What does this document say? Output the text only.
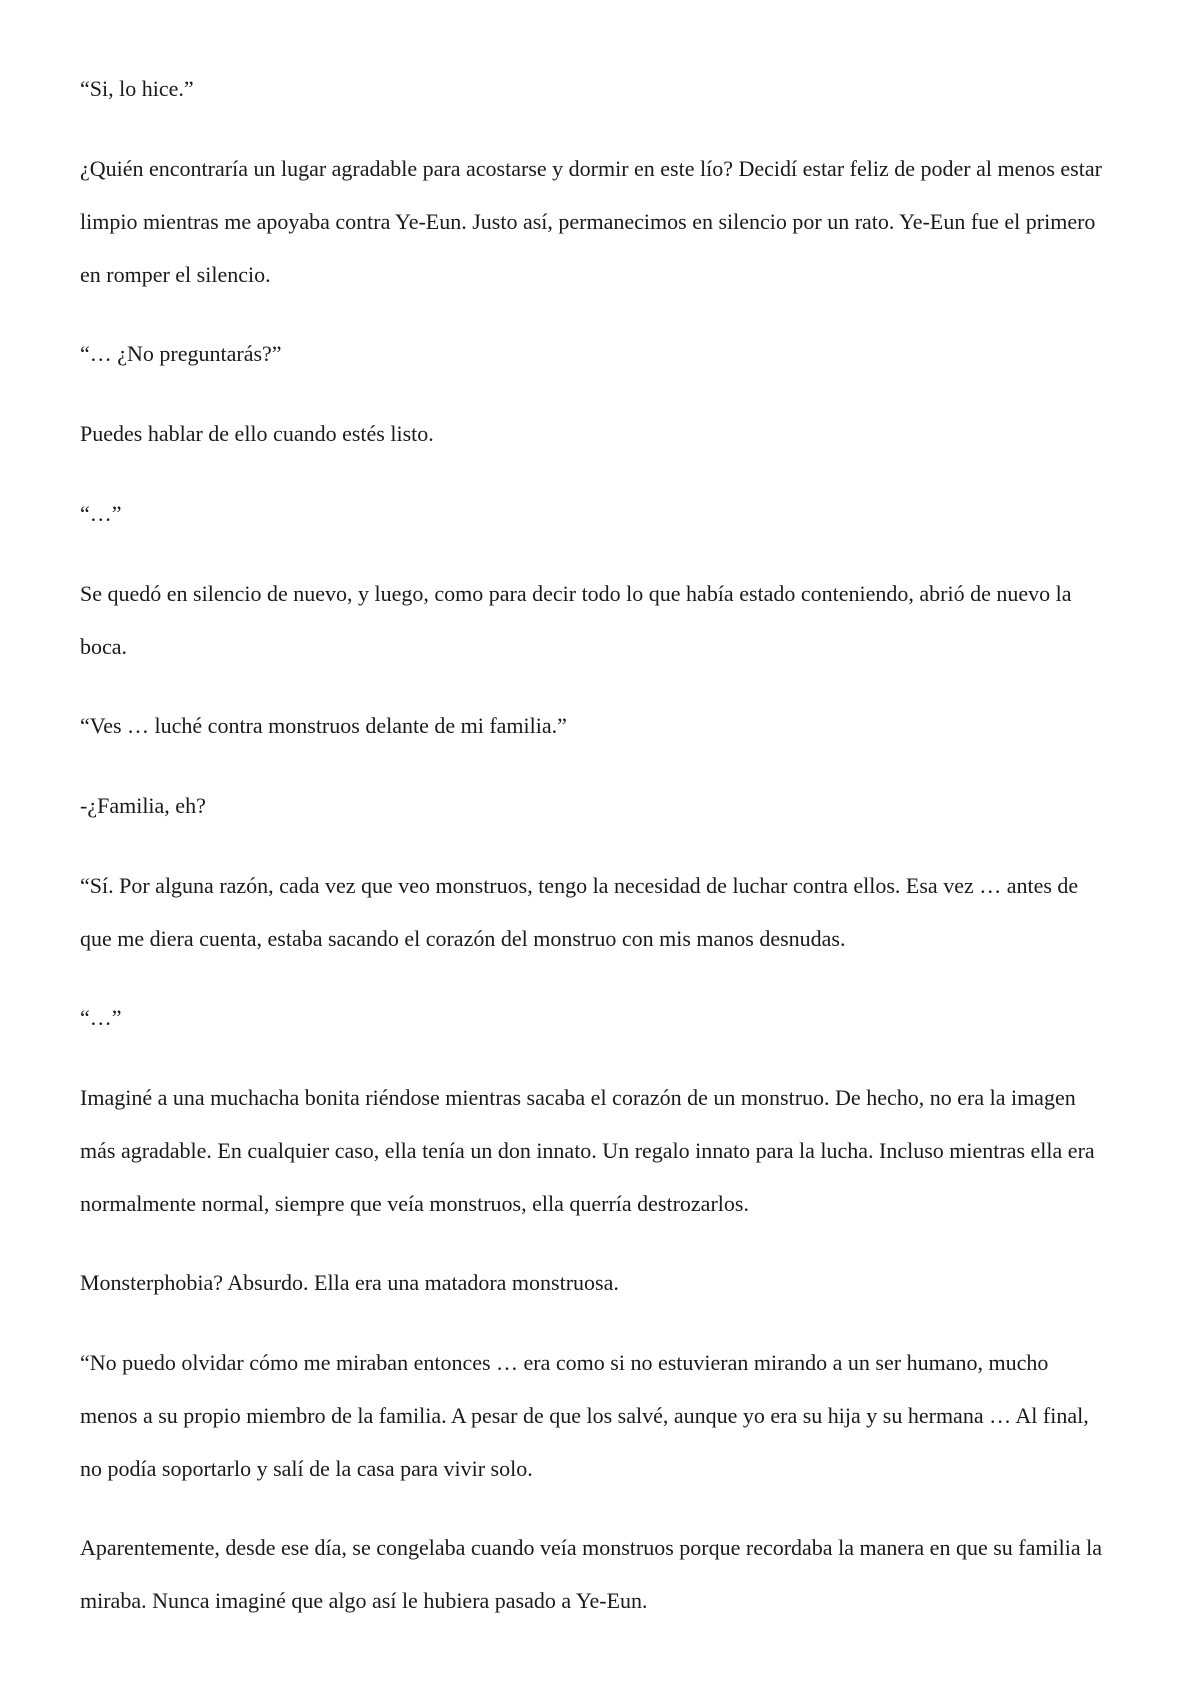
“Si, lo hice.”

¿Quién encontraría un lugar agradable para acostarse y dormir en este lío? Decidí estar feliz de poder al menos estar limpio mientras me apoyaba contra Ye-Eun. Justo así, permanecimos en silencio por un rato. Ye-Eun fue el primero en romper el silencio.

“… ¿No preguntarás?”

Puedes hablar de ello cuando estés listo.

“…”

Se quedó en silencio de nuevo, y luego, como para decir todo lo que había estado conteniendo, abrió de nuevo la boca.

“Ves … luché contra monstruos delante de mi familia.”

-¿Familia, eh?

“Sí. Por alguna razón, cada vez que veo monstruos, tengo la necesidad de luchar contra ellos. Esa vez … antes de que me diera cuenta, estaba sacando el corazón del monstruo con mis manos desnudas.

“…”

Imaginé a una muchacha bonita riéndose mientras sacaba el corazón de un monstruo. De hecho, no era la imagen más agradable. En cualquier caso, ella tenía un don innato. Un regalo innato para la lucha. Incluso mientras ella era normalmente normal, siempre que veía monstruos, ella querría destrozarlos.

Monsterphobia? Absurdo. Ella era una matadora monstruosa.

“No puedo olvidar cómo me miraban entonces … era como si no estuvieran mirando a un ser humano, mucho menos a su propio miembro de la familia. A pesar de que los salvé, aunque yo era su hija y su hermana … Al final, no podía soportarlo y salí de la casa para vivir solo.

Aparentemente, desde ese día, se congelaba cuando veía monstruos porque recordaba la manera en que su familia la miraba. Nunca imaginé que algo así le hubiera pasado a Ye-Eun.
